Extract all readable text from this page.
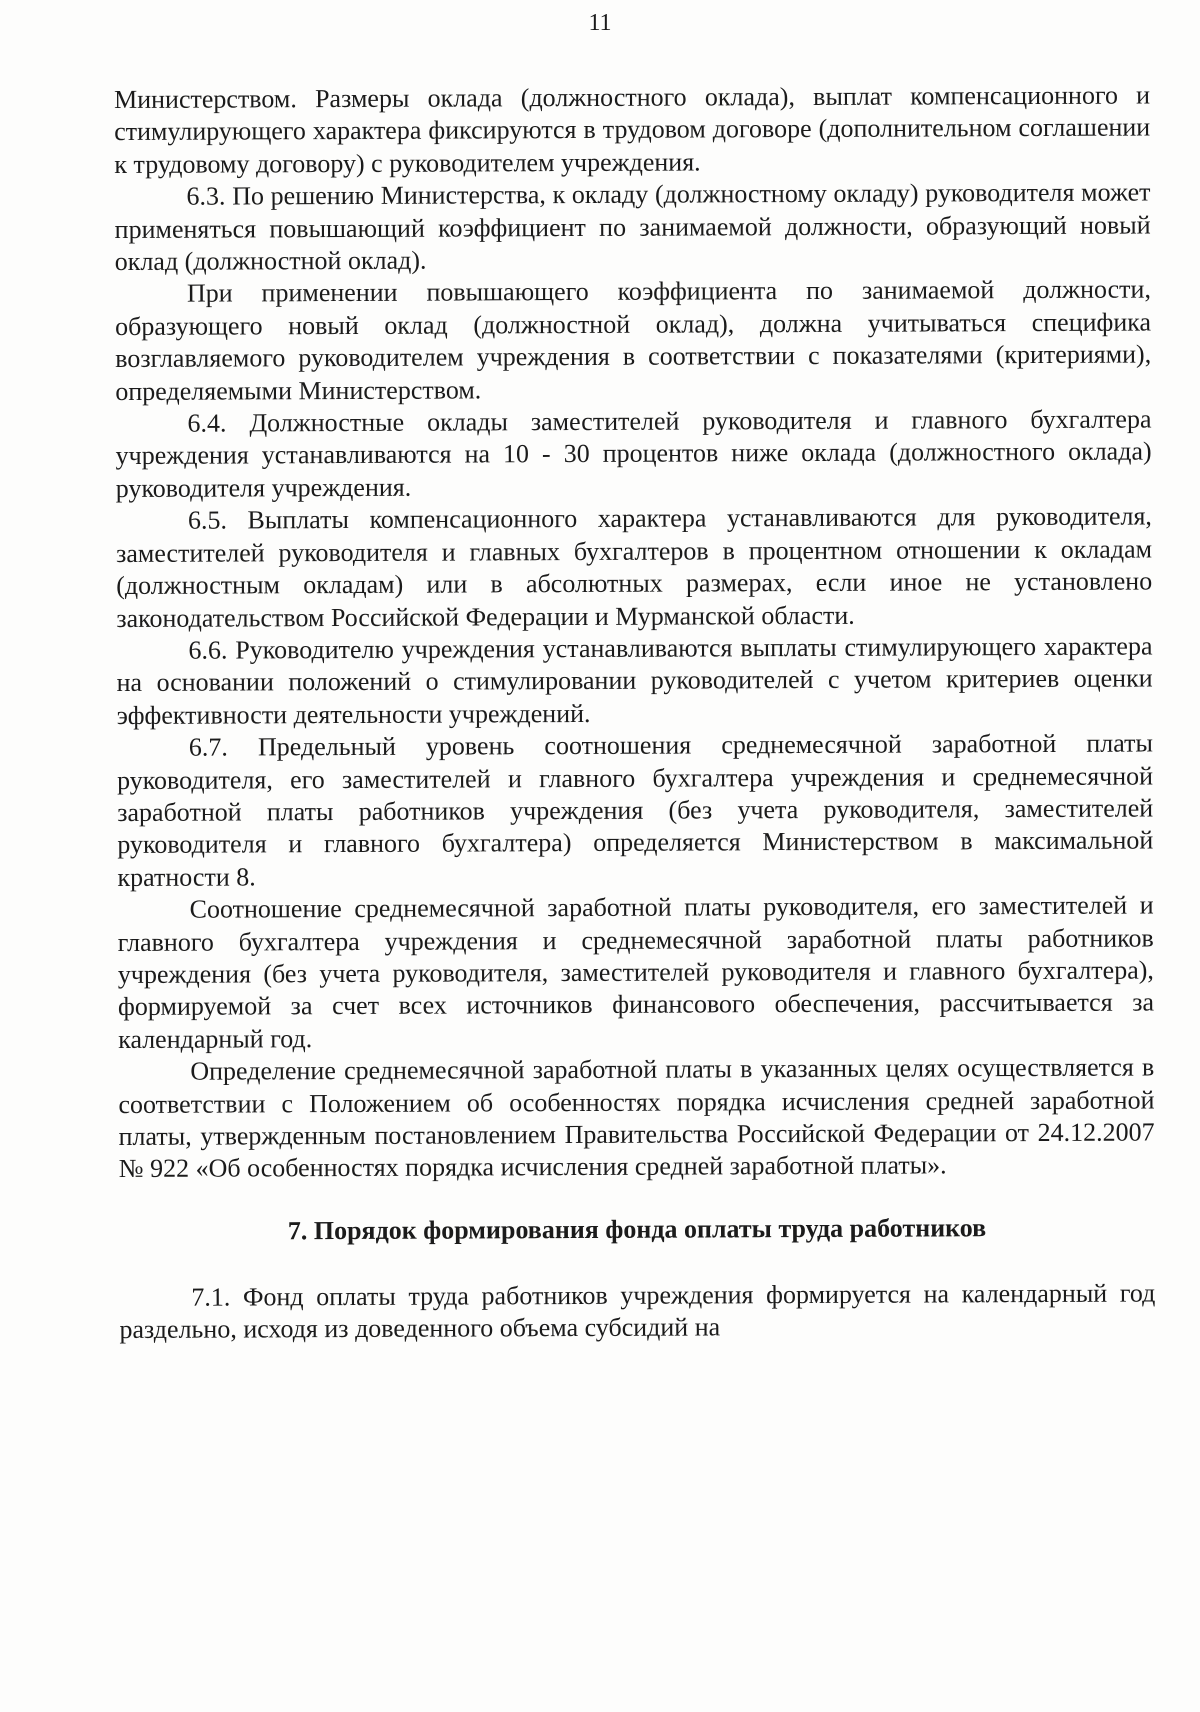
11

Министерством. Размеры оклада (должностного оклада), выплат компенсационного и стимулирующего характера фиксируются в трудовом договоре (дополнительном соглашении к трудовому договору) с руководителем учреждения.

6.3. По решению Министерства, к окладу (должностному окладу) руководителя может применяться повышающий коэффициент по занимаемой должности, образующий новый оклад (должностной оклад).

При применении повышающего коэффициента по занимаемой должности, образующего новый оклад (должностной оклад), должна учитываться специфика возглавляемого руководителем учреждения в соответствии с показателями (критериями), определяемыми Министерством.

6.4. Должностные оклады заместителей руководителя и главного бухгалтера учреждения устанавливаются на 10 - 30 процентов ниже оклада (должностного оклада) руководителя учреждения.

6.5. Выплаты компенсационного характера устанавливаются для руководителя, заместителей руководителя и главных бухгалтеров в процентном отношении к окладам (должностным окладам) или в абсолютных размерах, если иное не установлено законодательством Российской Федерации и Мурманской области.

6.6. Руководителю учреждения устанавливаются выплаты стимулирующего характера на основании положений о стимулировании руководителей с учетом критериев оценки эффективности деятельности учреждений.

6.7. Предельный уровень соотношения среднемесячной заработной платы руководителя, его заместителей и главного бухгалтера учреждения и среднемесячной заработной платы работников учреждения (без учета руководителя, заместителей руководителя и главного бухгалтера) определяется Министерством в максимальной кратности 8.

Соотношение среднемесячной заработной платы руководителя, его заместителей и главного бухгалтера учреждения и среднемесячной заработной платы работников учреждения (без учета руководителя, заместителей руководителя и главного бухгалтера), формируемой за счет всех источников финансового обеспечения, рассчитывается за календарный год.

Определение среднемесячной заработной платы в указанных целях осуществляется в соответствии с Положением об особенностях порядка исчисления средней заработной платы, утвержденным постановлением Правительства Российской Федерации от 24.12.2007 № 922 «Об особенностях порядка исчисления средней заработной платы».

7. Порядок формирования фонда оплаты труда работников

7.1. Фонд оплаты труда работников учреждения формируется на календарный год раздельно, исходя из доведенного объема субсидий на
